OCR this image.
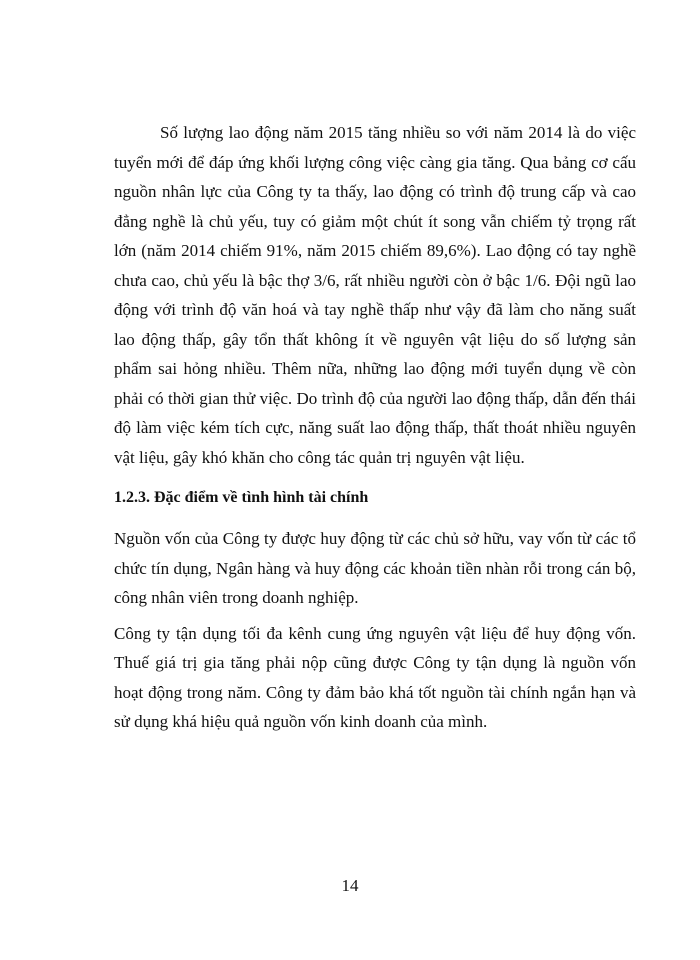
Số lượng lao động năm 2015 tăng nhiều so với năm 2014 là do việc tuyển mới để đáp ứng khối lượng công việc càng gia tăng. Qua bảng cơ cấu nguồn nhân lực của Công ty ta thấy, lao động có trình độ trung cấp và cao đẳng nghề là chủ yếu, tuy có giảm một chút ít song vẫn chiếm tỷ trọng rất lớn (năm 2014 chiếm 91%, năm 2015 chiếm 89,6%). Lao động có tay nghề chưa cao, chủ yếu là bậc thợ 3/6, rất nhiều người còn ở bậc 1/6. Đội ngũ lao động với trình độ văn hoá và tay nghề thấp như vậy đã làm cho năng suất lao động thấp, gây tổn thất không ít về nguyên vật liệu do số lượng sản phẩm sai hỏng nhiều. Thêm nữa, những lao động mới tuyển dụng về còn phải có thời gian thử việc. Do trình độ của người lao động thấp, dẫn đến thái độ làm việc kém tích cực, năng suất lao động thấp, thất thoát nhiều nguyên vật liệu, gây khó khăn cho công tác quản trị nguyên vật liệu.

1.2.3. Đặc điểm về tình hình tài chính

Nguồn vốn của Công ty được huy động từ các chủ sở hữu, vay vốn từ các tổ chức tín dụng, Ngân hàng và huy động các khoản tiền nhàn rỗi trong cán bộ, công nhân viên trong doanh nghiệp.

Công ty tận dụng tối đa kênh cung ứng nguyên vật liệu để huy động vốn. Thuế giá trị gia tăng phải nộp cũng được Công ty tận dụng là nguồn vốn hoạt động trong năm. Công ty đảm bảo khá tốt nguồn tài chính ngắn hạn và sử dụng khá hiệu quả nguồn vốn kinh doanh của mình.

14
